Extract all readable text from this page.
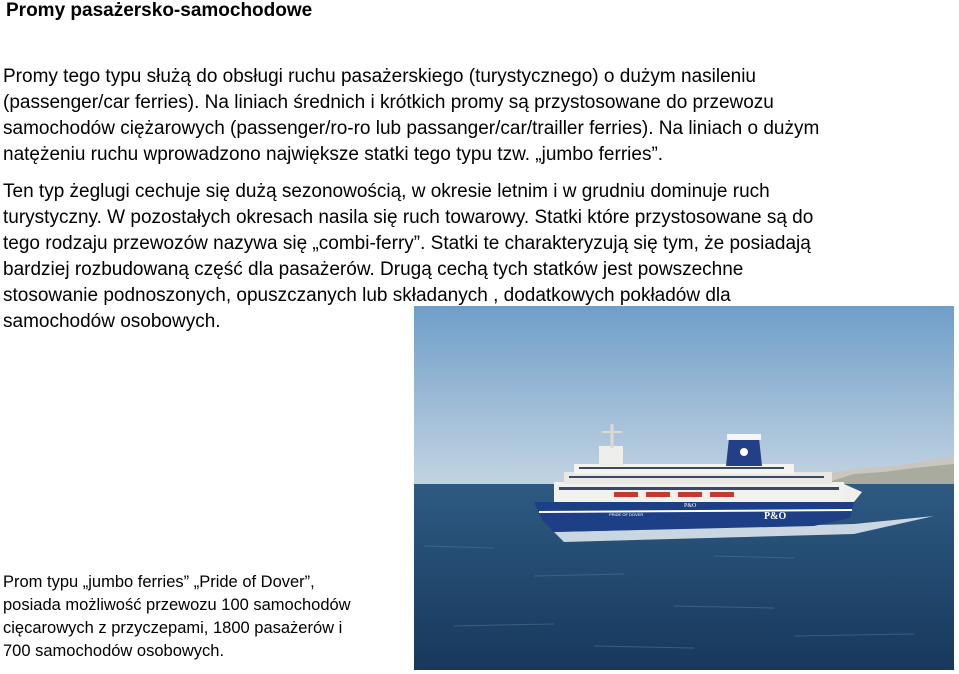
Promy pasażersko-samochodowe

Promy tego typu służą do obsługi ruchu pasażerskiego (turystycznego) o dużym nasileniu
(passenger/car ferries). Na liniach średnich i krótkich promy są przystosowane do przewozu
samochodów ciężarowych (passenger/ro-ro lub passanger/car/trailler ferries). Na liniach o dużym
natężeniu ruchu wprowadzono największe statki tego typu tzw. „jumbo ferries”.

Ten typ żeglugi cechuje się dużą sezonowością, w okresie letnim i w grudniu dominuje ruch
turystyczny. W pozostałych okresach nasila się ruch towarowy. Statki które przystosowane są do
tego rodzaju przewozów nazywa się „combi-ferry”. Statki te charakteryzują się tym, że posiadają
bardziej rozbudowaną część dla pasażerów. Drugą cechą tych statków jest powszechne
stosowanie podnoszonych, opuszczanych lub składanych , dodatkowych pokładów dla
samochodów osobowych.

P&O
P&O
PRIDE OF DOVER
Prom typu „jumbo ferries” „Pride of Dover”,
posiada możliwość przewozu 100 samochodów
cięcarowych z przyczepami, 1800 pasażerów i
700 samochodów osobowych.
